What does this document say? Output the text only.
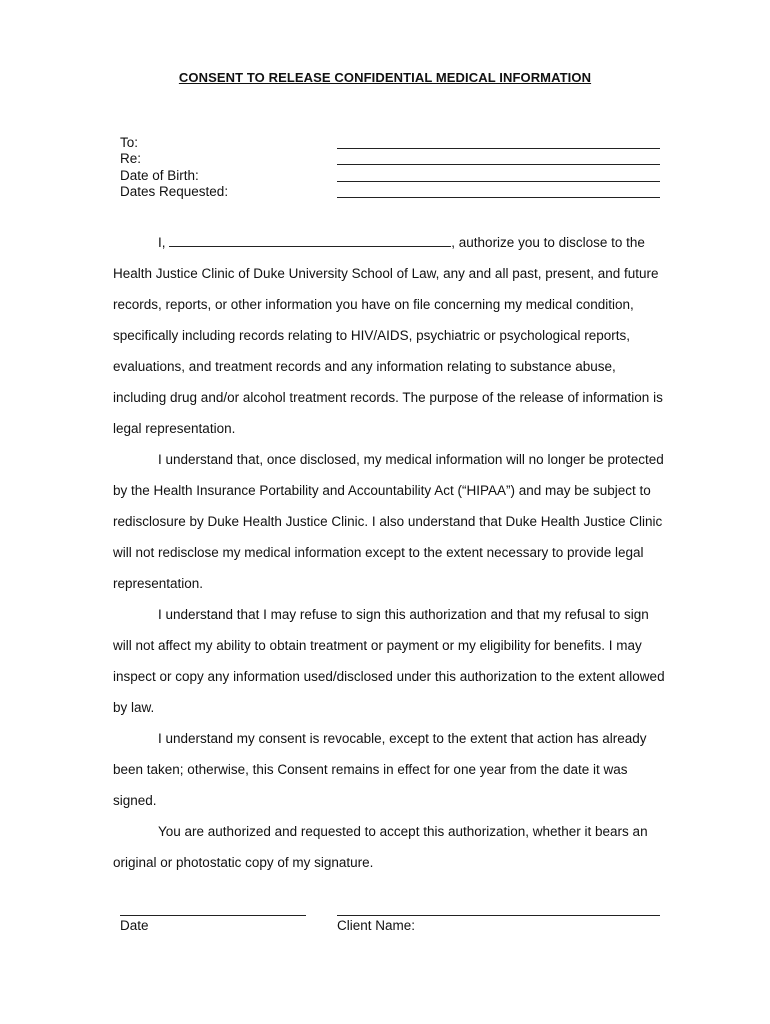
CONSENT TO RELEASE CONFIDENTIAL MEDICAL INFORMATION
To:
Re:
Date of Birth:
Dates Requested:

I,	, authorize you to disclose to the Health Justice Clinic of Duke University School of Law, any and all past, present, and future records, reports, or other information you have on file concerning my medical condition, specifically including records relating to HIV/AIDS, psychiatric or psychological reports, evaluations, and treatment records and any information relating to substance abuse, including drug and/or alcohol treatment records. The purpose of the release of information is legal representation.

I understand that, once disclosed, my medical information will no longer be protected by the Health Insurance Portability and Accountability Act (“HIPAA”) and may be subject to redisclosure by Duke Health Justice Clinic. I also understand that Duke Health Justice Clinic will not redisclose my medical information except to the extent necessary to provide legal representation.

I understand that I may refuse to sign this authorization and that my refusal to sign will not affect my ability to obtain treatment or payment or my eligibility for benefits. I may inspect or copy any information used/disclosed under this authorization to the extent allowed by law.

I understand my consent is revocable, except to the extent that action has already been taken; otherwise, this Consent remains in effect for one year from the date it was signed.

You are authorized and requested to accept this authorization, whether it bears an original or photostatic copy of my signature.

Date	Client Name:
